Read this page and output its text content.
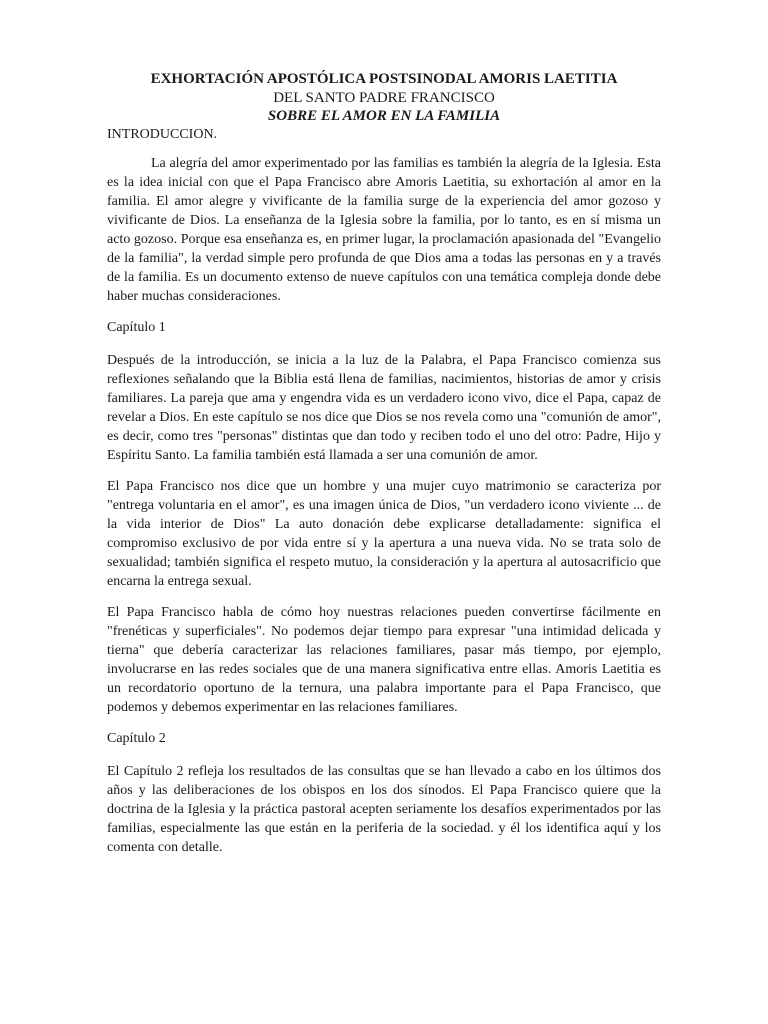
EXHORTACIÓN APOSTÓLICA POSTSINODAL AMORIS LAETITIA
DEL SANTO PADRE FRANCISCO
SOBRE EL AMOR EN LA FAMILIA
INTRODUCCION.

La alegría del amor experimentado por las familias es también la alegría de la Iglesia. Esta es la idea inicial con que el Papa Francisco abre Amoris Laetitia, su exhortación al amor en la familia. El amor alegre y vivificante de la familia surge de la experiencia del amor gozoso y vivificante de Dios. La enseñanza de la Iglesia sobre la familia, por lo tanto, es en sí misma un acto gozoso. Porque esa enseñanza es, en primer lugar, la proclamación apasionada del "Evangelio de la familia", la verdad simple pero profunda de que Dios ama a todas las personas en y a través de la familia. Es un documento extenso de nueve capítulos con una temática compleja donde debe haber muchas consideraciones.

Capítulo 1

Después de la introducción, se inicia a la luz de la Palabra, el Papa Francisco comienza sus reflexiones señalando que la Biblia está llena de familias, nacimientos, historias de amor y crisis familiares. La pareja que ama y engendra vida es un verdadero icono vivo, dice el Papa, capaz de revelar a Dios. En este capítulo se nos dice que Dios se nos revela como una "comunión de amor", es decir, como tres "personas" distintas que dan todo y reciben todo el uno del otro: Padre, Hijo y Espíritu Santo. La familia también está llamada a ser una comunión de amor.

El Papa Francisco nos dice que un hombre y una mujer cuyo matrimonio se caracteriza por "entrega voluntaria en el amor", es una imagen única de Dios, "un verdadero icono viviente ... de la vida interior de Dios" La auto donación debe explicarse detalladamente: significa el compromiso exclusivo de por vida entre sí y la apertura a una nueva vida. No se trata solo de sexualidad; también significa el respeto mutuo, la consideración y la apertura al autosacrificio que encarna la entrega sexual.

El Papa Francisco habla de cómo hoy nuestras relaciones pueden convertirse fácilmente en "frenéticas y superficiales". No podemos dejar tiempo para expresar "una intimidad delicada y tierna" que debería caracterizar las relaciones familiares, pasar más tiempo, por ejemplo, involucrarse en las redes sociales que de una manera significativa entre ellas. Amoris Laetitia es un recordatorio oportuno de la ternura, una palabra importante para el Papa Francisco, que podemos y debemos experimentar en las relaciones familiares.

Capítulo 2

El Capítulo 2 refleja los resultados de las consultas que se han llevado a cabo en los últimos dos años y las deliberaciones de los obispos en los dos sínodos. El Papa Francisco quiere que la doctrina de la Iglesia y la práctica pastoral acepten seriamente los desafíos experimentados por las familias, especialmente las que están en la periferia de la sociedad. y él los identifica aquí y los comenta con detalle.
